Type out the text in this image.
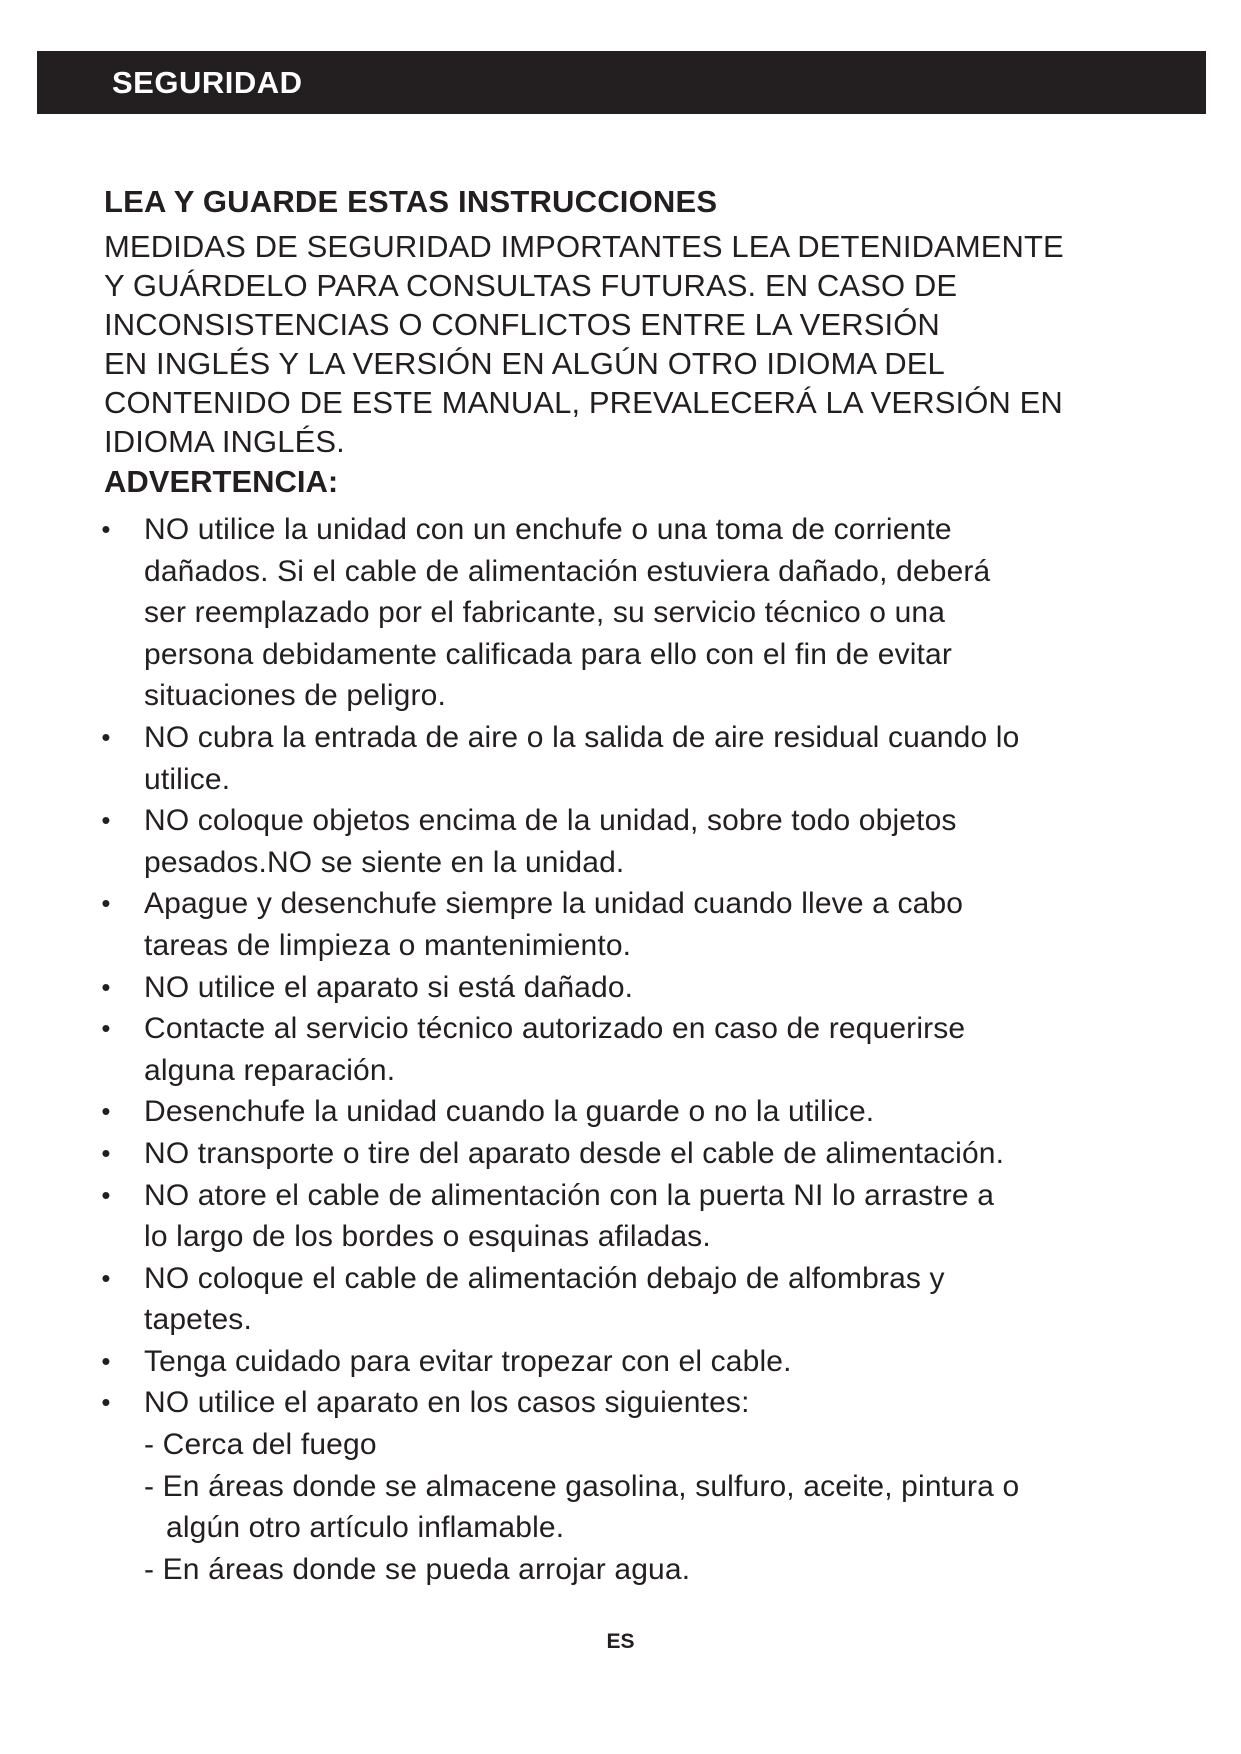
SEGURIDAD
LEA Y GUARDE ESTAS INSTRUCCIONES

MEDIDAS DE SEGURIDAD IMPORTANTES LEA DETENIDAMENTE
Y GUÁRDELO PARA CONSULTAS FUTURAS. EN CASO DE
INCONSISTENCIAS O CONFLICTOS ENTRE LA VERSIÓN
EN INGLÉS Y LA VERSIÓN EN ALGÚN OTRO IDIOMA DEL
CONTENIDO DE ESTE MANUAL, PREVALECERÁ LA VERSIÓN EN
IDIOMA INGLÉS.

ADVERTENCIA:
• NO utilice la unidad con un enchufe o una toma de corriente
dañados. Si el cable de alimentación estuviera dañado, deberá
ser reemplazado por el fabricante, su servicio técnico o una
persona debidamente calificada para ello con el fin de evitar
situaciones de peligro.
• NO cubra la entrada de aire o la salida de aire residual cuando lo
utilice.
• NO coloque objetos encima de la unidad, sobre todo objetos
pesados.NO se siente en la unidad.
• Apague y desenchufe siempre la unidad cuando lleve a cabo
tareas de limpieza o mantenimiento.
• NO utilice el aparato si está dañado.
• Contacte al servicio técnico autorizado en caso de requerirse
alguna reparación.
• Desenchufe la unidad cuando la guarde o no la utilice.
• NO transporte o tire del aparato desde el cable de alimentación.
• NO atore el cable de alimentación con la puerta NI lo arrastre a
lo largo de los bordes o esquinas afiladas.
• NO coloque el cable de alimentación debajo de alfombras y
tapetes.
• Tenga cuidado para evitar tropezar con el cable.
• NO utilice el aparato en los casos siguientes:
- Cerca del fuego
- En áreas donde se almacene gasolina, sulfuro, aceite, pintura o
algún otro artículo inflamable.
- En áreas donde se pueda arrojar agua.
ES
